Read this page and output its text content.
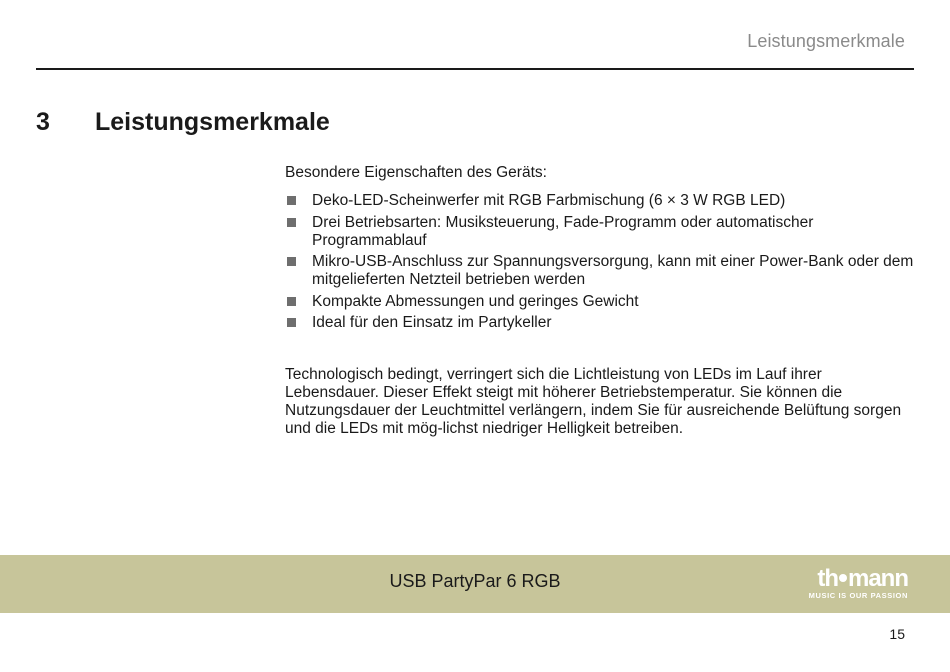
Leistungsmerkmale
3 Leistungsmerkmale

Besondere Eigenschaften des Geräts:

Deko-LED-Scheinwerfer mit RGB Farbmischung (6 × 3 W RGB LED)
Drei Betriebsarten: Musiksteuerung, Fade-Programm oder automatischer Programmablauf
Mikro-USB-Anschluss zur Spannungsversorgung, kann mit einer Power-Bank oder dem mitgelieferten Netzteil betrieben werden
Kompakte Abmessungen und geringes Gewicht
Ideal für den Einsatz im Partykeller

Technologisch bedingt, verringert sich die Lichtleistung von LEDs im Lauf ihrer Lebensdauer. Dieser Effekt steigt mit höherer Betriebstemperatur. Sie können die Nutzungsdauer der Leuchtmittel verlängern, indem Sie für ausreichende Belüftung sorgen und die LEDs mit mög-lichst niedriger Helligkeit betreiben.

USB PartyPar 6 RGB	th mann
MUSIC IS OUR PASSION
15
